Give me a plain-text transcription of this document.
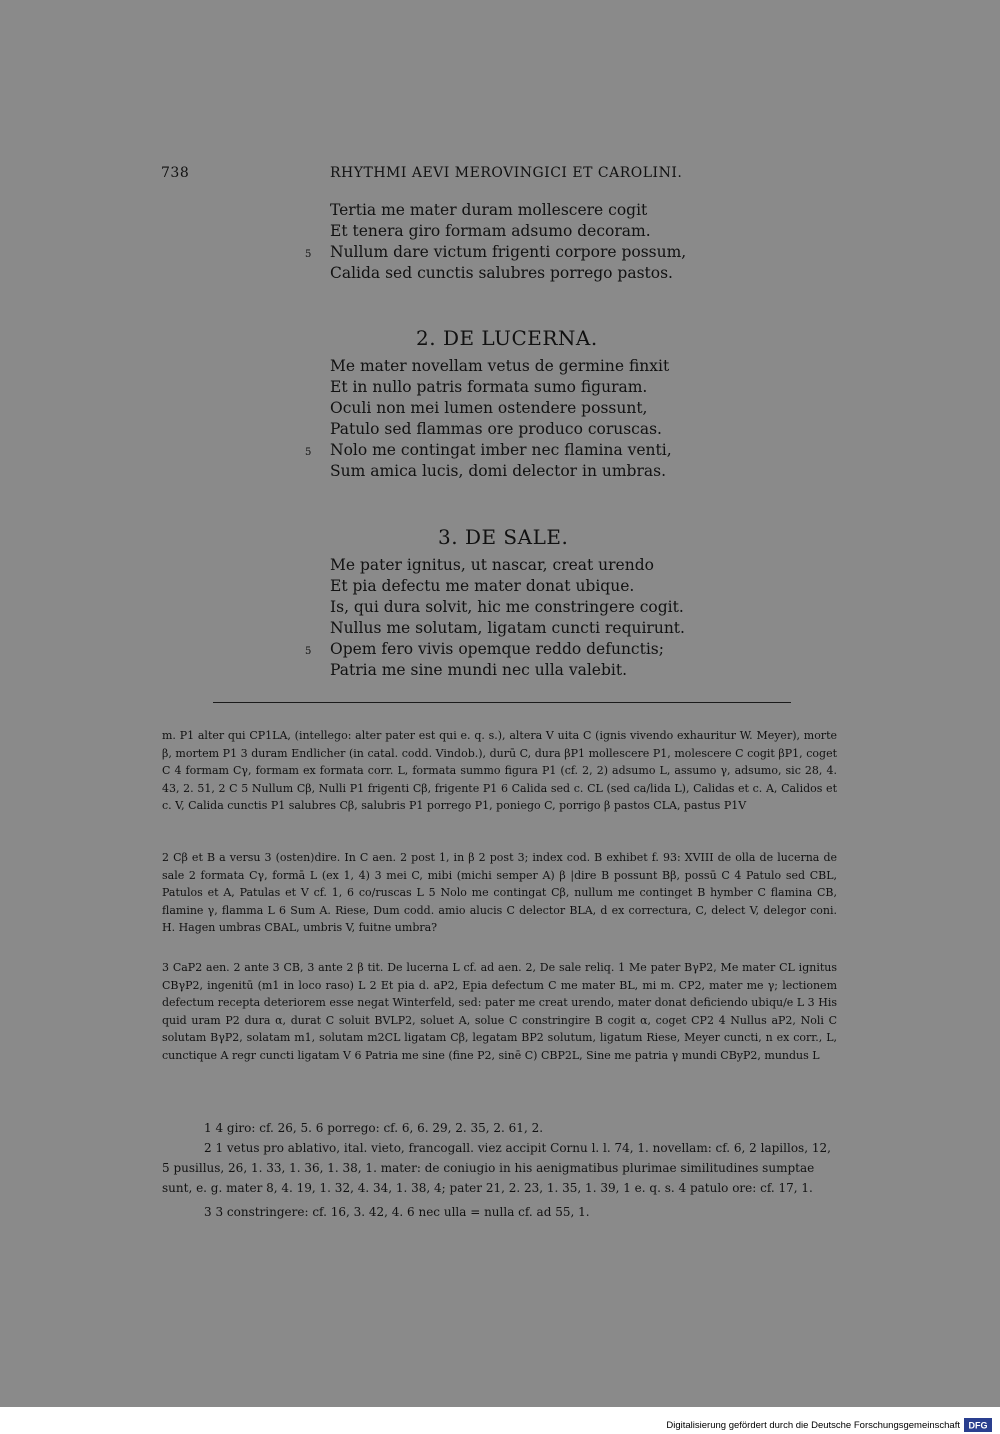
738	RHYTHMI AEVI MEROVINGICI ET CAROLINI.
Tertia me mater duram mollescere cogit
Et tenera giro formam adsumo decoram.
5 Nullum dare victum frigenti corpore possum,
Calida sed cunctis salubres porrego pastos.
2. DE LUCERNA.
Me mater novellam vetus de germine finxit
Et in nullo patris formata sumo figuram.
Oculi non mei lumen ostendere possunt,
Patulo sed flammas ore produco coruscas.
5 Nolo me contingat imber nec flamina venti,
Sum amica lucis, domi delector in umbras.
3. DE SALE.
Me pater ignitus, ut nascar, creat urendo
Et pia defectu me mater donat ubique.
Is, qui dura solvit, hic me constringere cogit.
Nullus me solutam, ligatam cuncti requirunt.
5 Opem fero vivis opemque reddo defunctis;
Patria me sine mundi nec ulla valebit.

m. P1 alter qui CP1LA, (intellego: alter pater est qui e. q. s.), altera V uita C (ignis vivendo exhauritur W. Meyer), morte β, mortem P1 3 duram Endlicher (in catal. codd. Vindob.), durū C, dura βP1 mollescere P1, molescere C cogit βP1, coget C 4 formam Cγ, formam ex formata corr. L, formata summo figura P1 (cf. 2, 2) adsumo L, assumo γ, adsumo, sic 28, 4. 43, 2. 51, 2 C 5 Nullum Cβ, Nulli P1 frigenti Cβ, frigente P1 6 Calida sed c. CL (sed ca/lida L), Calidas et c. A, Calidos et c. V, Calida cunctis P1 salubres Cβ, salubris P1 porrego P1, poniego C, porrigo β pastos CLA, pastus P1V

2 Cβ et B a versu 3 (osten)dire. In C aen. 2 post 1, in β 2 post 3; index cod. B exhibet f. 93: XVIII de olla de lucerna de sale 2 formata Cγ, formā L (ex 1, 4) 3 mei C, mibi (michi semper A) β |dire B possunt Bβ, possū C 4 Patulo sed CBL, Patulos et A, Patulas et V cf. 1, 6 co/ruscas L 5 Nolo me contingat Cβ, nullum me continget B hymber C flamina CB, flamine γ, flamma L 6 Sum A. Riese, Dum codd. amio alucis C delector BLA, d ex correctura, C, delect V, delegor coni. H. Hagen umbras CBAL, umbris V, fuitne umbra?

3 CaP2 aen. 2 ante 3 CB, 3 ante 2 β tit. De lucerna L cf. ad aen. 2, De sale reliq. 1 Me pater BγP2, Me mater CL ignitus CBγP2, ingenitū (m1 in loco raso) L 2 Et pia d. aP2, Epia defectum C me mater BL, mi m. CP2, mater me γ; lectionem defectum recepta deteriorem esse negat Winterfeld, sed: pater me creat urendo, mater donat deficiendo ubiqu/e L 3 His quid uram P2 dura α, durat C soluit BVLP2, soluet A, solue C constringire B cogit α, coget CP2 4 Nullus aP2, Noli C solutam BγP2, solatam m1, solutam m2CL ligatam Cβ, legatam BP2 solutum, ligatum Riese, Meyer cuncti, n ex corr., L, cunctique A regr cuncti ligatam V 6 Patria me sine (fine P2, sinē C) CBP2L, Sine me patria γ mundi CByP2, mundus L

1 4 giro: cf. 26, 5. 6 porrego: cf. 6, 6. 29, 2. 35, 2. 61, 2.

2 1 vetus pro ablativo, ital. vieto, francogall. viez accipit Cornu l. l. 74, 1. novellam: cf. 6, 2 lapillos, 12, 5 pusillus, 26, 1. 33, 1. 36, 1. 38, 1. mater: de coniugio in his aenigmatibus plurimae similitudines sumptae sunt, e. g. mater 8, 4. 19, 1. 32, 4. 34, 1. 38, 4; pater 21, 2. 23, 1. 35, 1. 39, 1 e. q. s. 4 patulo ore: cf. 17, 1.

3 3 constringere: cf. 16, 3. 42, 4. 6 nec ulla = nulla cf. ad 55, 1.

Digitalisierung gefördert durch die Deutsche Forschungsgemeinschaft DFG
